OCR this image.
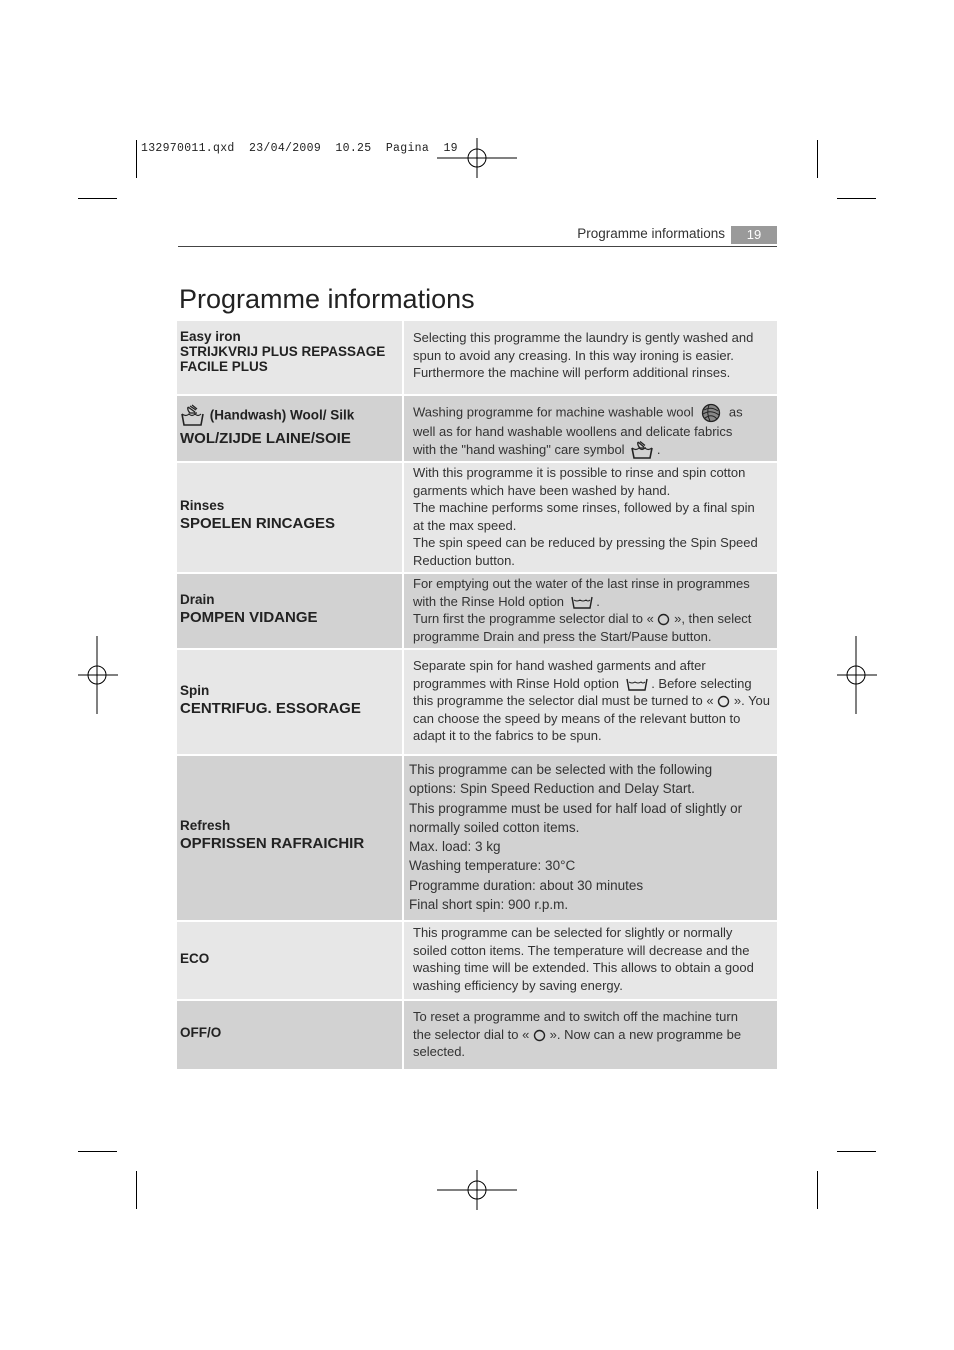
132970011.qxd  23/04/2009  10.25  Pagina  19
Programme informations	19
Programme informations
Easy iron
STRIJKVRIJ PLUS REPASSAGE
FACILE PLUS
Selecting this programme the laundry is gently washed and
spun to avoid any creasing. In this way ironing is easier.
Furthermore the machine will perform additional rinses.
(Handwash) Wool/ Silk
WOL/ZIJDE LAINE/SOIE
Washing programme for machine washable wool	as
well as for hand washable woollens and delicate fabrics
with the "hand washing" care symbol .
Rinses
SPOELEN RINCAGES
With this programme it is possible to rinse and spin cotton
garments which have been washed by hand.
The machine performs some rinses, followed by a final spin
at the max speed.
The spin speed can be reduced by pressing the Spin Speed
Reduction button.
Drain
POMPEN VIDANGE
For emptying out the water of the last rinse in programmes
with the Rinse Hold option .
Turn first the programme selector dial to « », then select
programme Drain and press the Start/Pause button.
Spin
CENTRIFUG. ESSORAGE
Separate spin for hand washed garments and after
programmes with Rinse Hold option . Before selecting
this programme the selector dial must be turned to « ». You
can choose the speed by means of the relevant button to
adapt it to the fabrics to be spun.
Refresh
OPFRISSEN RAFRAICHIR
This programme can be selected with the following
options: Spin Speed Reduction and Delay Start.
This programme must be used for half load of slightly or
normally soiled cotton items.
Max. load: 3 kg
Washing temperature: 30°C
Programme duration: about 30 minutes
Final short spin: 900 r.p.m.
ECO
This programme can be selected for slightly or normally
soiled cotton items. The temperature will decrease and the
washing time will be extended. This allows to obtain a good
washing efficiency by saving energy.
OFF/O
To reset a programme and to switch off the machine turn
the selector dial to « ». Now can a new programme be
selected.
